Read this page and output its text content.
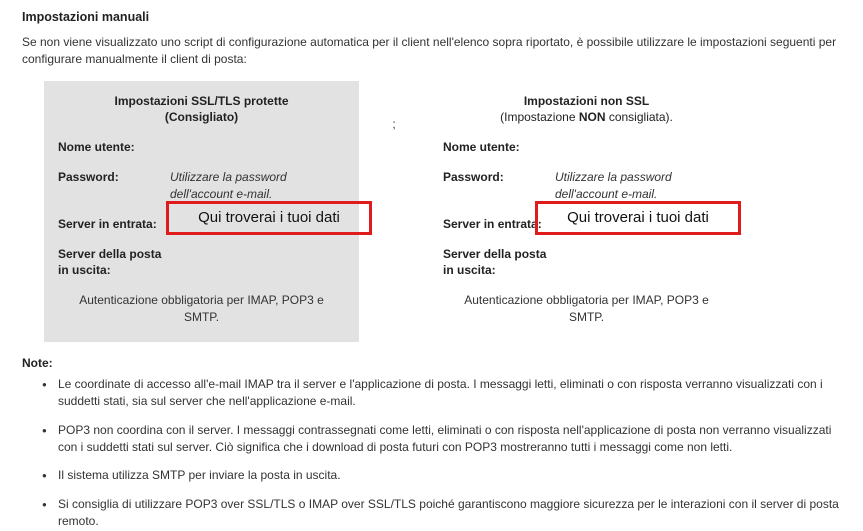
Impostazioni manuali
Se non viene visualizzato uno script di configurazione automatica per il client nell'elenco sopra riportato, è possibile utilizzare le impostazioni seguenti per configurare manualmente il client di posta:
Impostazioni SSL/TLS protette
(Consigliato)
Nome utente:
Password:	Utilizzare la password dell'account e-mail.
Server in entrata:
Server della posta in uscita:
Autenticazione obbligatoria per IMAP, POP3 e SMTP.
Qui troverai i tuoi dati
;
Impostazioni non SSL
(Impostazione NON consigliata).
Nome utente:
Password:	Utilizzare la password dell'account e-mail.
Server in entrata:
Server della posta in uscita:
Autenticazione obbligatoria per IMAP, POP3 e SMTP.
Qui troverai i tuoi dati
Note:
● Le coordinate di accesso all'e-mail IMAP tra il server e l'applicazione di posta. I messaggi letti, eliminati o con risposta verranno visualizzati con i suddetti stati, sia sul server che nell'applicazione e-mail.
● POP3 non coordina con il server. I messaggi contrassegnati come letti, eliminati o con risposta nell'applicazione di posta non verranno visualizzati con i suddetti stati sul server. Ciò significa che i download di posta futuri con POP3 mostreranno tutti i messaggi come non letti.
● Il sistema utilizza SMTP per inviare la posta in uscita.
● Si consiglia di utilizzare POP3 over SSL/TLS o IMAP over SSL/TLS poiché garantiscono maggiore sicurezza per le interazioni con il server di posta remoto.
